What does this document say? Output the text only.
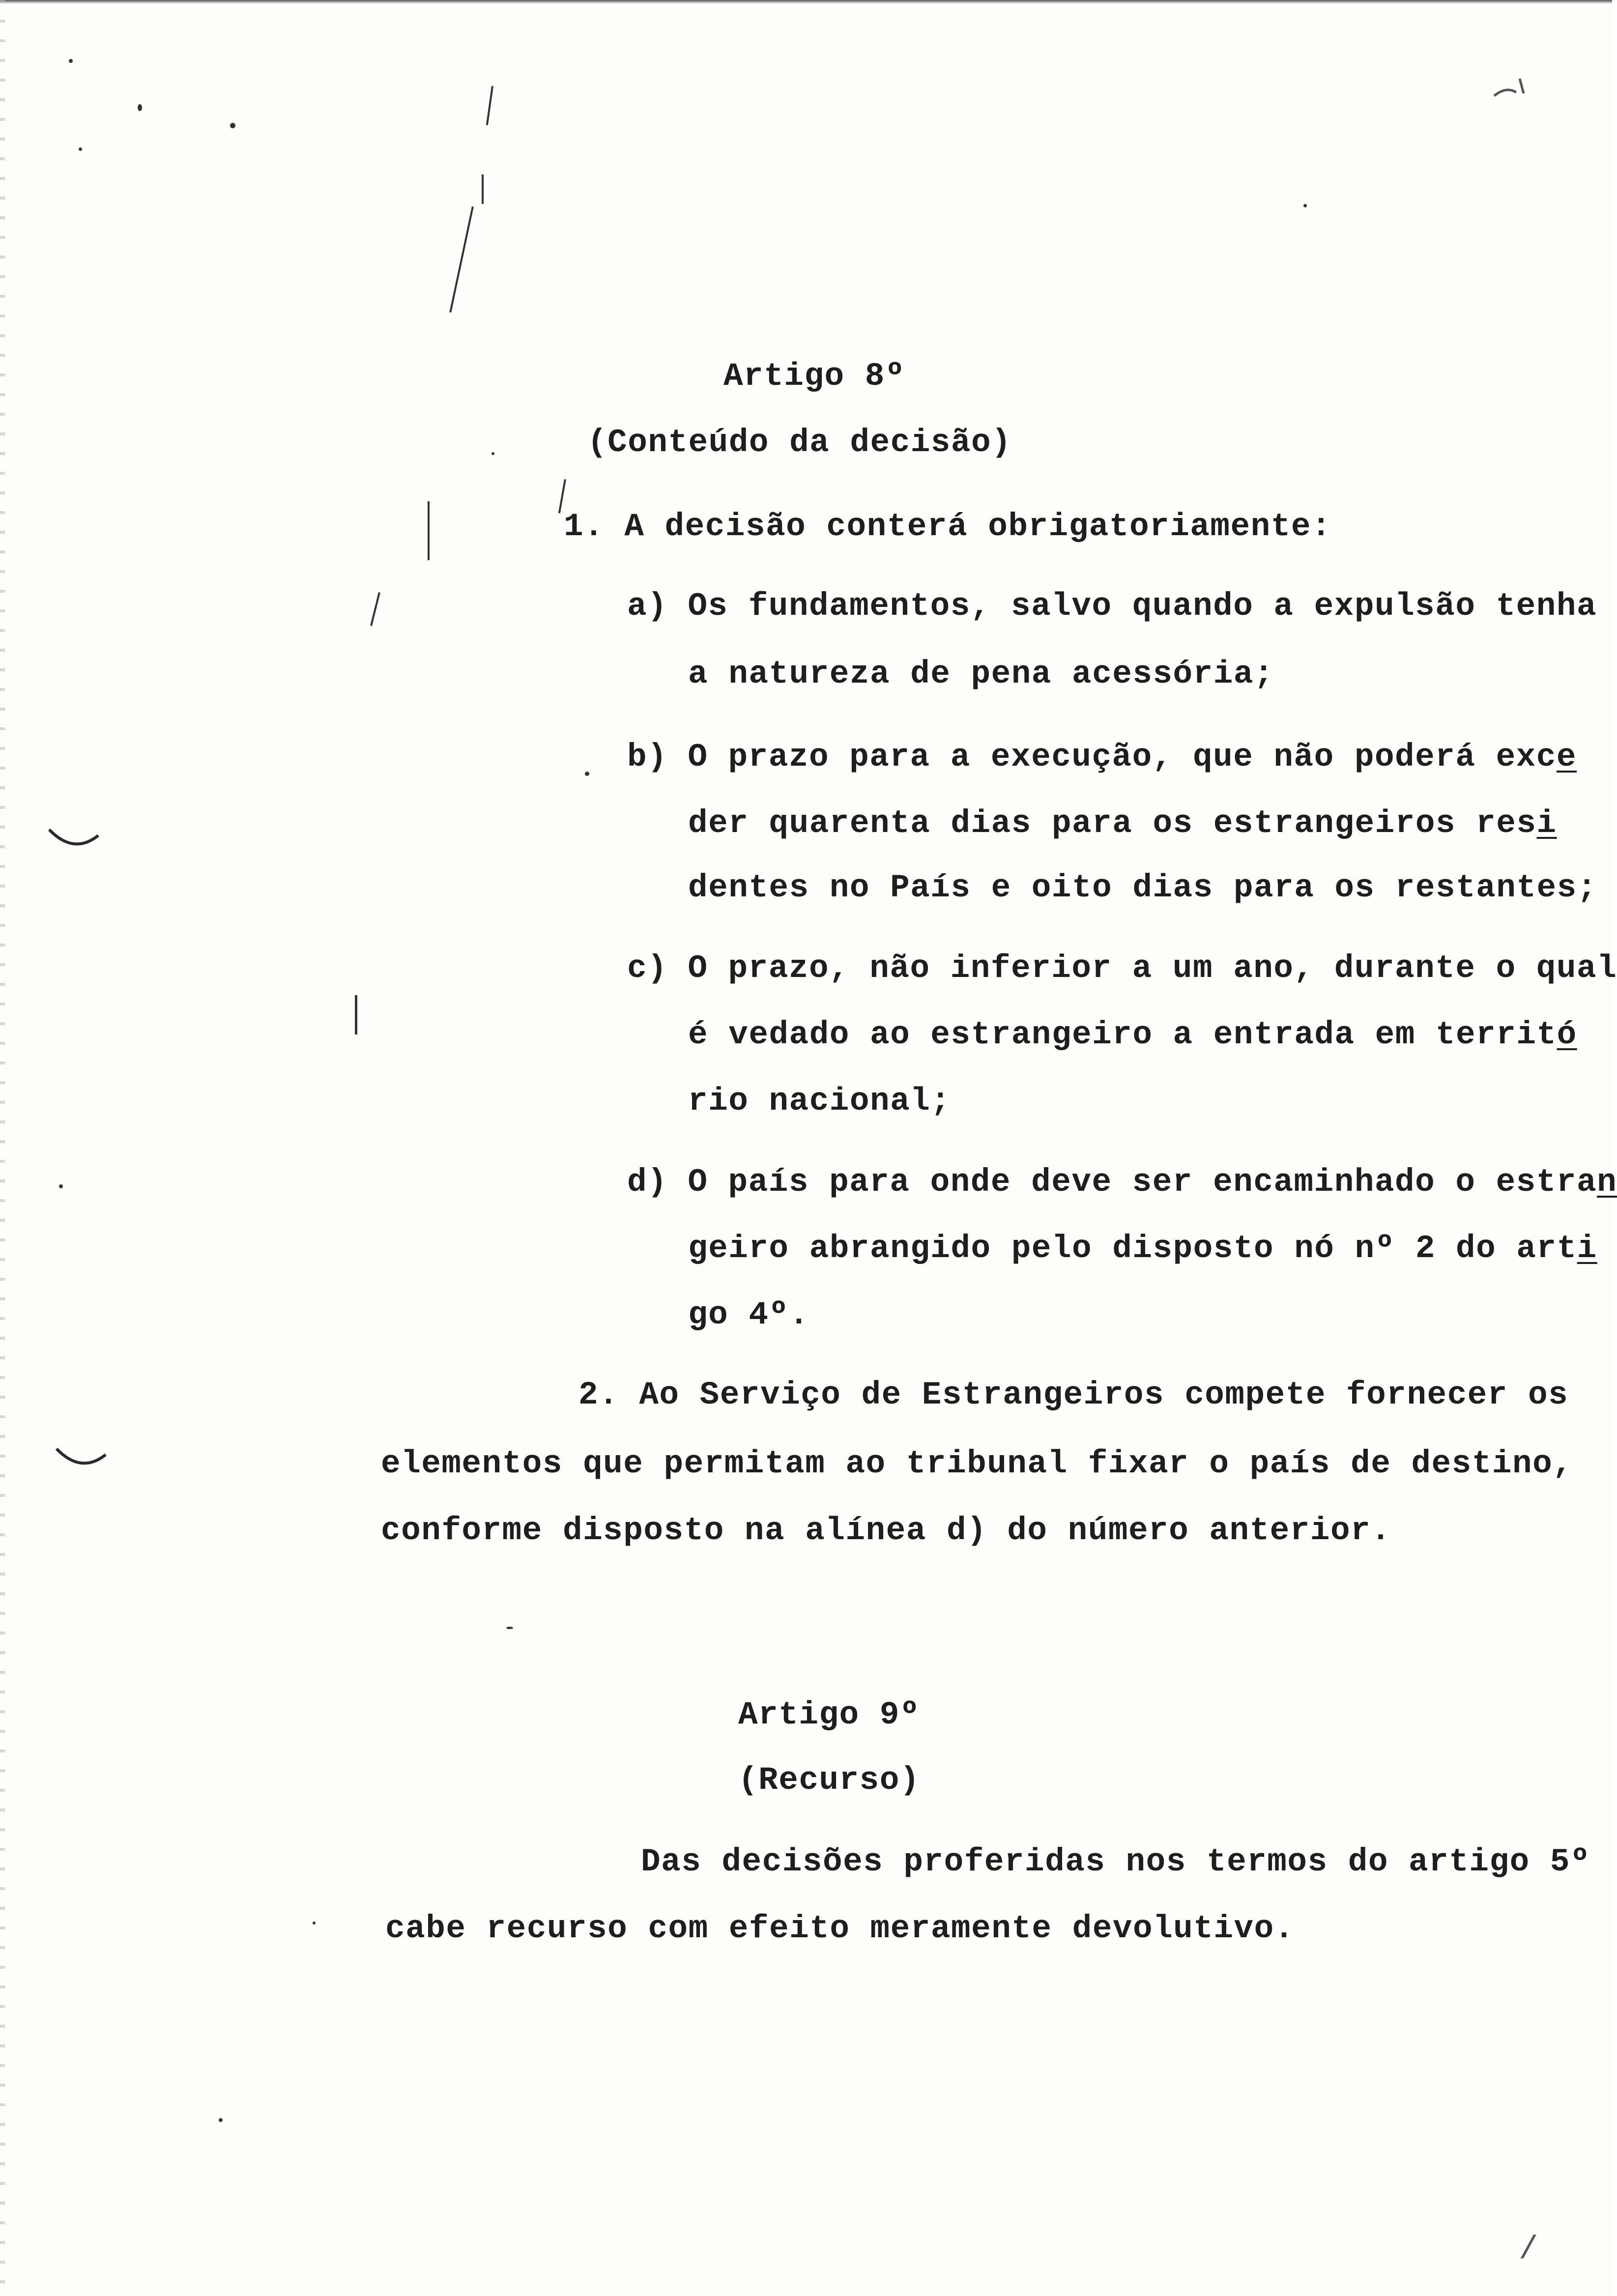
Artigo 8º
(Conteúdo da decisão)
1. A decisão conterá obrigatoriamente:
a) Os fundamentos, salvo quando a expulsão tenha
a natureza de pena acessória;
b) O prazo para a execução, que não poderá exce
der quarenta dias para os estrangeiros resi
dentes no País e oito dias para os restantes;
c) O prazo, não inferior a um ano, durante o qual
é vedado ao estrangeiro a entrada em territó
rio nacional;
d) O país para onde deve ser encaminhado o estran
geiro abrangido pelo disposto nó nº 2 do arti
go 4º.
2. Ao Serviço de Estrangeiros compete fornecer os
elementos que permitam ao tribunal fixar o país de destino,
conforme disposto na alínea d) do número anterior.
Artigo 9º
(Recurso)
Das decisões proferidas nos termos do artigo 5º
cabe recurso com efeito meramente devolutivo.
/
